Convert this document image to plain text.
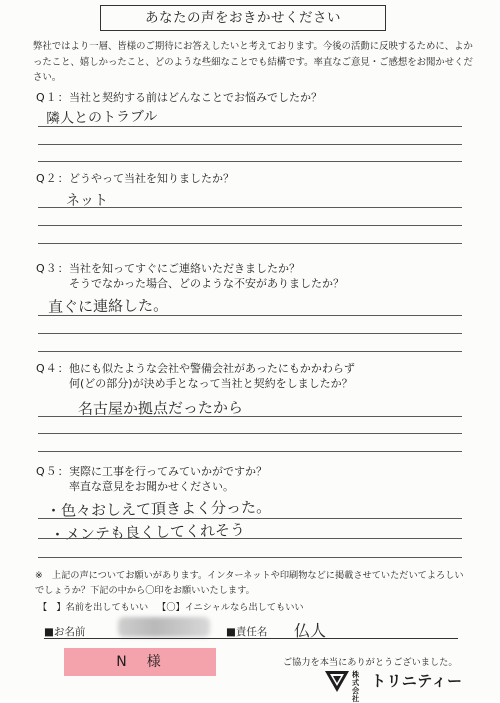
あなたの声をおきかせください
弊社ではより一層、皆様のご期待にお答えしたいと考えております。今後の活動に反映するために、よかったこと、嬉しかったこと、どのような些細なことでも結構です。率直なご意見・ご感想をお聞かせください。
Q１：当社と契約する前はどんなことでお悩みでしたか？
隣人とのトラブル
Q２：どうやって当社を知りましたか？
ネット
Q３：当社を知ってすぐにご連絡いただきましたか？
そうでなかった場合、どのような不安がありましたか？
直ぐに連絡した。
Q４：他にも似たような会社や警備会社があったにもかかわらず
何(どの部分)が決め手となって当社と契約をしましたか？
名古屋か拠点だったから
Q５：実際に工事を行ってみていかがですか？
率直な意見をお聞かせください。
・色々おしえて頂きよく分った。
・メンテも良くしてくれそう
※　上記の声についてお願いがあります。インターネットや印刷物などに掲載させていただいてよろしいでしょうか？下記の中から〇印をお願いいたします。
【　】名前を出してもいい 【〇】イニシャルなら出してもいい
■お名前	■責任名 仏人
N　様	ご協力を本当にありがとうございました。
株式
会社
トリニティー
